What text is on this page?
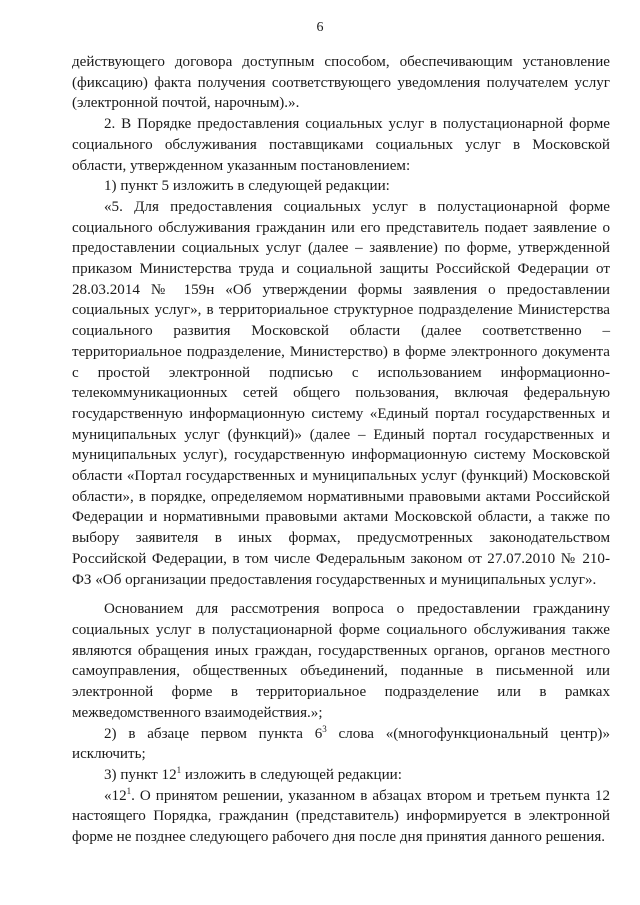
6

действующего договора доступным способом, обеспечивающим установление (фиксацию) факта получения соответствующего уведомления получателем услуг (электронной почтой, нарочным).».

2. В Порядке предоставления социальных услуг в полустационарной форме социального обслуживания поставщиками социальных услуг в Московской области, утвержденном указанным постановлением:

1) пункт 5 изложить в следующей редакции:

«5. Для предоставления социальных услуг в полустационарной форме социального обслуживания гражданин или его представитель подает заявление о предоставлении социальных услуг (далее – заявление) по форме, утвержденной приказом Министерства труда и социальной защиты Российской Федерации от 28.03.2014 № 159н «Об утверждении формы заявления о предоставлении социальных услуг», в территориальное структурное подразделение Министерства социального развития Московской области (далее соответственно – территориальное подразделение, Министерство) в форме электронного документа с простой электронной подписью с использованием информационно-телекоммуникационных сетей общего пользования, включая федеральную государственную информационную систему «Единый портал государственных и муниципальных услуг (функций)» (далее – Единый портал государственных и муниципальных услуг), государственную информационную систему Московской области «Портал государственных и муниципальных услуг (функций) Московской области», в порядке, определяемом нормативными правовыми актами Российской Федерации и нормативными правовыми актами Московской области, а также по выбору заявителя в иных формах, предусмотренных законодательством Российской Федерации, в том числе Федеральным законом от 27.07.2010 № 210-ФЗ «Об организации предоставления государственных и муниципальных услуг».

Основанием для рассмотрения вопроса о предоставлении гражданину социальных услуг в полустационарной форме социального обслуживания также являются обращения иных граждан, государственных органов, органов местного самоуправления, общественных объединений, поданные в письменной или электронной форме в территориальное подразделение или в рамках межведомственного взаимодействия.»;

2) в абзаце первом пункта $6^3$ слова «(многофункциональный центр)» исключить;

3) пункт $12^1$ изложить в следующей редакции:

«$12^1$. О принятом решении, указанном в абзацах втором и третьем пункта 12 настоящего Порядка, гражданин (представитель) информируется в электронной форме не позднее следующего рабочего дня после дня принятия данного решения.
